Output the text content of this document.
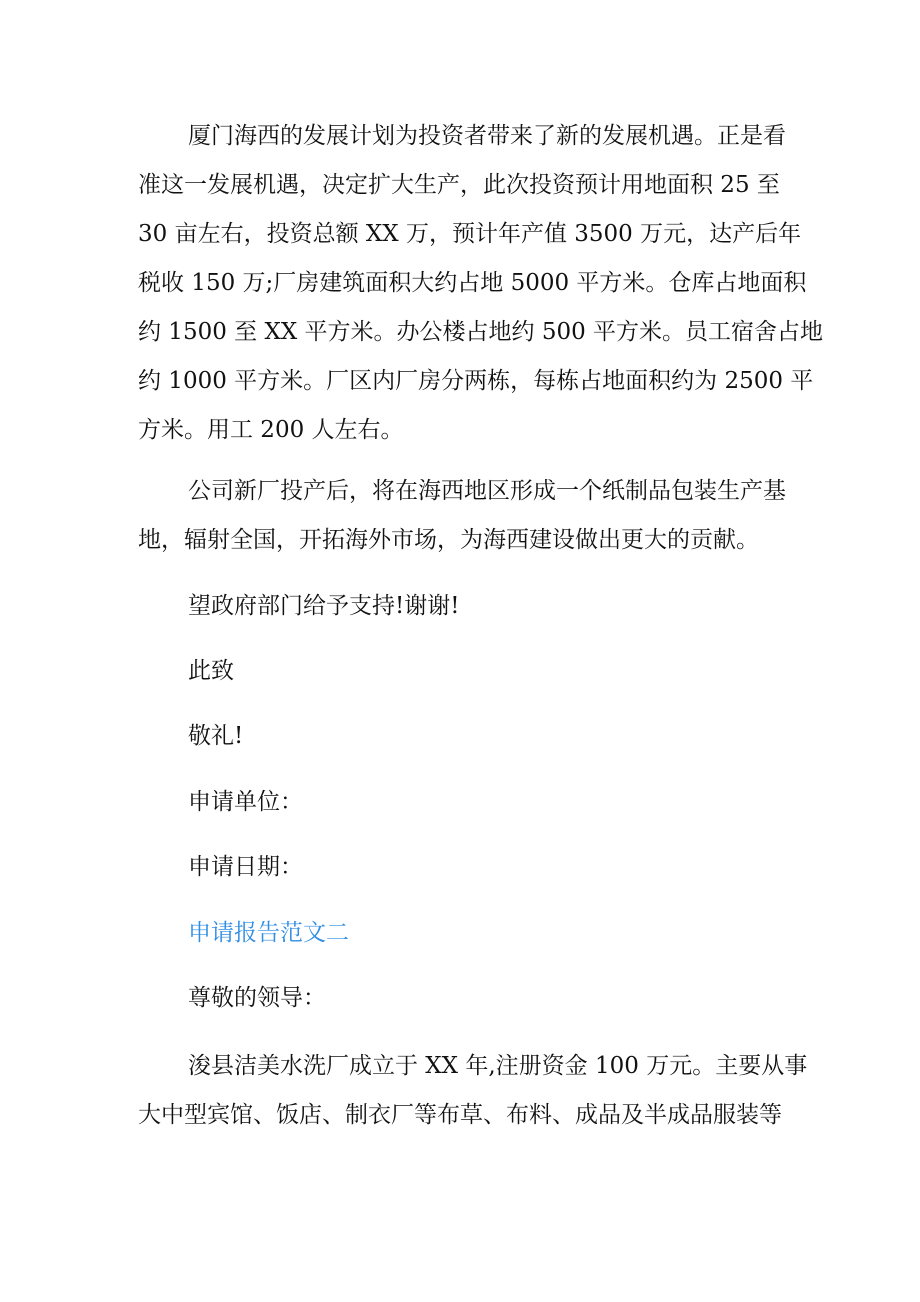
厦门海西的发展计划为投资者带来了新的发展机遇。正是看
准这一发展机遇，决定扩大生产，此次投资预计用地面积 25 至
30 亩左右，投资总额 XX 万，预计年产值 3500 万元，达产后年
税收 150 万;厂房建筑面积大约占地 5000 平方米。仓库占地面积
约 1500 至 XX 平方米。办公楼占地约 500 平方米。员工宿舍占地
约 1000 平方米。厂区内厂房分两栋，每栋占地面积约为 2500 平
方米。用工 200 人左右。

公司新厂投产后，将在海西地区形成一个纸制品包装生产基
地，辐射全国，开拓海外市场，为海西建设做出更大的贡献。

望政府部门给予支持!谢谢!

此致

敬礼!

申请单位：

申请日期：

申请报告范文二

尊敬的领导：

浚县洁美水洗厂成立于 XX 年,注册资金 100 万元。主要从事
大中型宾馆、饭店、制衣厂等布草、布料、成品及半成品服装等
